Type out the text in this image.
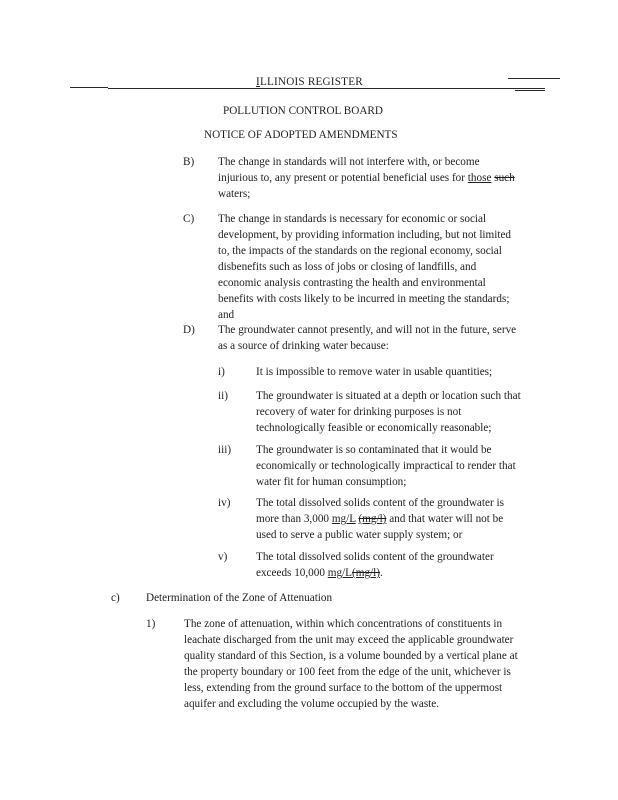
ILLINOIS REGISTER
POLLUTION CONTROL BOARD
NOTICE OF ADOPTED AMENDMENTS
B) The change in standards will not interfere with, or become
injurious to, any present or potential beneficial uses for those such
waters;
C) The change in standards is necessary for economic or social
development, by providing information including, but not limited
to, the impacts of the standards on the regional economy, social
disbenefits such as loss of jobs or closing of landfills, and
economic analysis contrasting the health and environmental
benefits with costs likely to be incurred in meeting the standards;
and
D) The groundwater cannot presently, and will not in the future, serve
as a source of drinking water because:
i)	It is impossible to remove water in usable quantities;
ii)	The groundwater is situated at a depth or location such that
recovery of water for drinking purposes is not
technologically feasible or economically reasonable;
iii) The groundwater is so contaminated that it would be
economically or technologically impractical to render that
water fit for human consumption;
iv) The total dissolved solids content of the groundwater is
more than 3,000 mg/L (mg/l) and that water will not be
used to serve a public water supply system; or
v)	The total dissolved solids content of the groundwater
exceeds 10,000 mg/L(mg/l).
c) Determination of the Zone of Attenuation
1)	The zone of attenuation, within which concentrations of constituents in
leachate discharged from the unit may exceed the applicable groundwater
quality standard of this Section, is a volume bounded by a vertical plane at
the property boundary or 100 feet from the edge of the unit, whichever is
less, extending from the ground surface to the bottom of the uppermost
aquifer and excluding the volume occupied by the waste.
